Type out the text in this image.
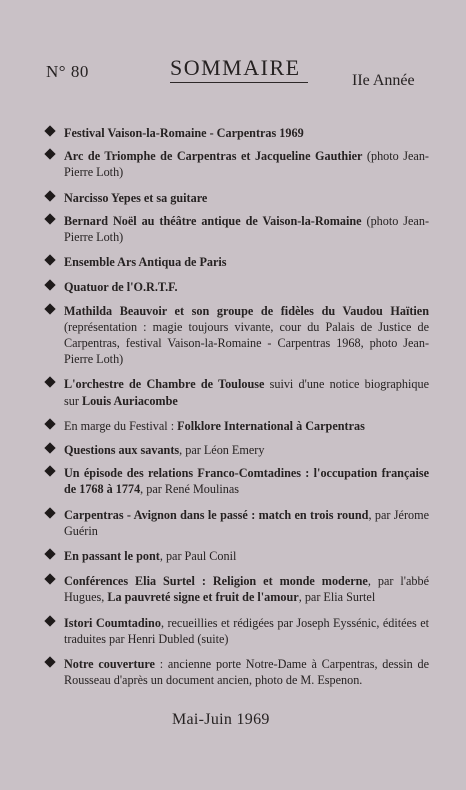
N° 80	SOMMAIRE
IIe Année
Festival Vaison-la-Romaine - Carpentras 1969
Arc de Triomphe de Carpentras et Jacqueline Gauthier (photo Jean-Pierre Loth)
Narcisso Yepes et sa guitare
Bernard Noël au théâtre antique de Vaison-la-Romaine (photo Jean-Pierre Loth)
Ensemble Ars Antiqua de Paris
Quatuor de l'O.R.T.F.
Mathilda Beauvoir et son groupe de fidèles du Vaudou Haïtien (représentation : magie toujours vivante, cour du Palais de Justice de Carpentras, festival Vaison-la-Romaine - Carpentras 1968, photo Jean-Pierre Loth)
L'orchestre de Chambre de Toulouse suivi d'une notice biographique sur Louis Auriacombe
En marge du Festival : Folklore International à Carpentras
Questions aux savants, par Léon Emery
Un épisode des relations Franco-Comtadines : l'occupation française de 1768 à 1774, par René Moulinas
Carpentras - Avignon dans le passé : match en trois round, par Jérome Guérin
En passant le pont, par Paul Conil
Conférences Elia Surtel : Religion et monde moderne, par l'abbé Hugues, La pauvreté signe et fruit de l'amour, par Elia Surtel
Istori Coumtadino, recueillies et rédigées par Joseph Eyssénic, éditées et traduites par Henri Dubled (suite)
Notre couverture : ancienne porte Notre-Dame à Carpentras, dessin de Rousseau d'après un document ancien, photo de M. Espenon.
Mai-Juin 1969
